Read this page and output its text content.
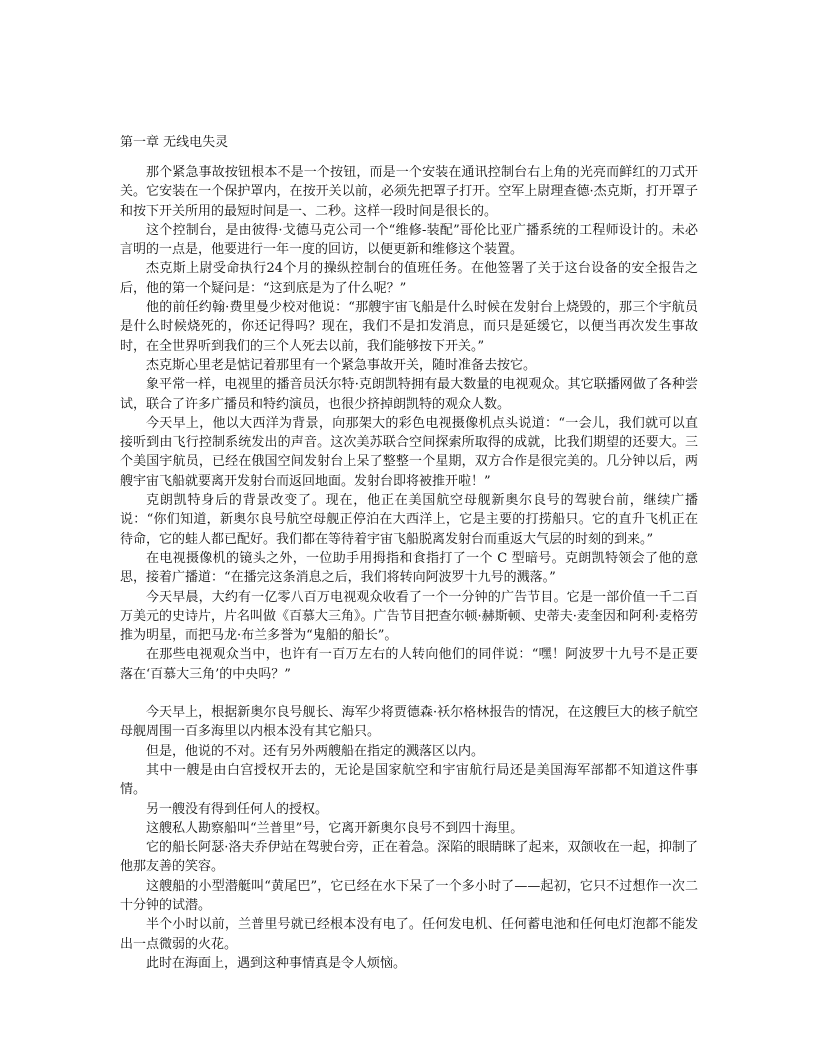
第一章 无线电失灵

那个紧急事故按钮根本不是一个按钮，而是一个安装在通讯控制台右上角的光亮而鲜红的刀式开关。它安装在一个保护罩内，在按开关以前，必须先把罩子打开。空军上尉理查德·杰克斯，打开罩子和按下开关所用的最短时间是一、二秒。这样一段时间是很长的。

这个控制台，是由彼得·戈德马克公司一个“维修-装配”哥伦比亚广播系统的工程师设计的。未必言明的一点是，他要进行一年一度的回访，以便更新和维修这个装置。

杰克斯上尉受命执行24个月的操纵控制台的值班任务。在他签署了关于这台设备的安全报告之后，他的第一个疑问是：“这到底是为了什么呢？”

他的前任约翰·费里曼少校对他说：“那艘宇宙飞船是什么时候在发射台上烧毁的，那三个宇航员是什么时候烧死的，你还记得吗？现在，我们不是扣发消息，而只是延缓它，以便当再次发生事故时，在全世界听到我们的三个人死去以前，我们能够按下开关。”

杰克斯心里老是惦记着那里有一个紧急事故开关，随时准备去按它。

象平常一样，电视里的播音员沃尔特·克朗凯特拥有最大数量的电视观众。其它联播网做了各种尝试，联合了许多广播员和特约演员，也很少挤掉朗凯特的观众人数。

今天早上，他以大西洋为背景，向那架大的彩色电视摄像机点头说道：“一会儿，我们就可以直接听到由飞行控制系统发出的声音。这次美苏联合空间探索所取得的成就，比我们期望的还要大。三个美国宇航员，已经在俄国空间发射台上呆了整整一个星期，双方合作是很完美的。几分钟以后，两艘宇宙飞船就要离开发射台而返回地面。发射台即将被推开啦！”

克朗凯特身后的背景改变了。现在，他正在美国航空母舰新奥尔良号的驾驶台前，继续广播说：“你们知道，新奥尔良号航空母舰正停泊在大西洋上，它是主要的打捞船只。它的直升飞机正在待命，它的蛙人都已配好。我们都在等待着宇宙飞船脱离发射台而重返大气层的时刻的到来。”

在电视摄像机的镜头之外，一位助手用拇指和食指打了一个 C 型暗号。克朗凯特领会了他的意思，接着广播道：“在播完这条消息之后，我们将转向阿波罗十九号的溅落。”

今天早晨，大约有一亿零八百万电视观众收看了一个一分钟的广告节目。它是一部价值一千二百万美元的史诗片，片名叫做《百慕大三角》。广告节目把查尔顿·赫斯顿、史蒂夫·麦奎因和阿利·麦格劳推为明星，而把马龙·布兰多誉为“鬼船的船长”。

在那些电视观众当中，也许有一百万左右的人转向他们的同伴说：“嘿！阿波罗十九号不是正要落在‘百慕大三角’的中央吗？”

今天早上，根据新奥尔良号舰长、海军少将贾德森·袄尔格林报告的情况，在这艘巨大的核子航空母舰周围一百多海里以内根本没有其它船只。

但是，他说的不对。还有另外两艘船在指定的溅落区以内。

其中一艘是由白宫授权开去的，无论是国家航空和宇宙航行局还是美国海军部都不知道这件事情。

另一艘没有得到任何人的授权。

这艘私人勘察船叫“兰普里”号，它离开新奥尔良号不到四十海里。

它的船长阿瑟·洛夫乔伊站在驾驶台旁，正在着急。深陷的眼睛眯了起来，双颌收在一起，抑制了他那友善的笑容。

这艘船的小型潜艇叫“黄尾巴”，它已经在水下呆了一个多小时了——起初，它只不过想作一次二十分钟的试潜。

半个小时以前，兰普里号就已经根本没有电了。任何发电机、任何蓄电池和任何电灯泡都不能发出一点微弱的火花。

此时在海面上，遇到这种事情真是令人烦恼。
